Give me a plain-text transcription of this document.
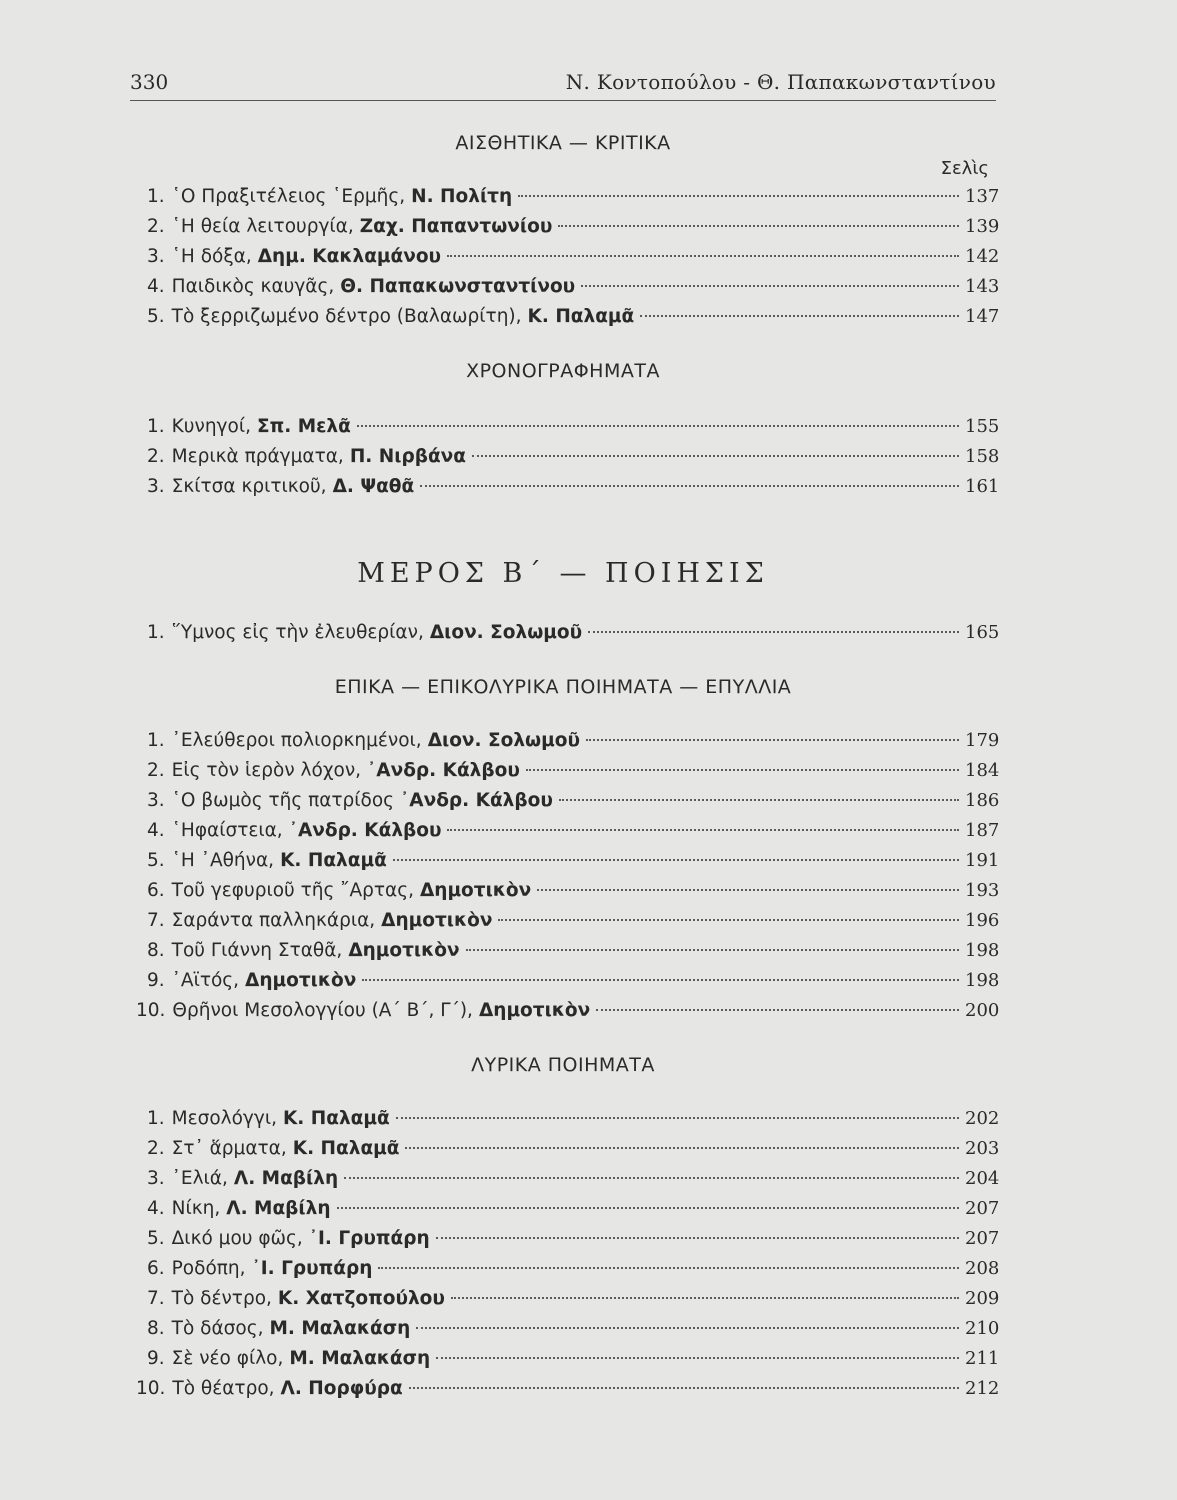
330	Ν. Κοντοπούλου - Θ. Παπακωνσταντίνου
ΑΙΣΘΗΤΙΚΑ — ΚΡΙΤΙΚΑ
Σελὶς
1. ῾Ο Πραξιτέλειος ῾Ερμῆς, Ν. Πολίτη	137
2. ῾Η θεία λειτουργία, Ζαχ. Παπαντωνίου	139
3. ῾Η δόξα, Δημ. Κακλαμάνου	142
4. Παιδικὸς καυγᾶς, Θ. Παπακωνσταντίνου	143
5. Τὸ ξερριζωμένο δέντρο (Βαλαωρίτη), Κ. Παλαμᾶ	147
ΧΡΟΝΟΓΡΑΦΗΜΑΤΑ
1. Κυνηγοί, Σπ. Μελᾶ	155
2. Μερικὰ πράγματα, Π. Νιρβάνα	158
3. Σκίτσα κριτικοῦ, Δ. Ψαθᾶ	161
ΜΕΡΟΣ Β΄ — ΠΟΙΗΣΙΣ
1. ῞Υμνος εἰς τὴν ἐλευθερίαν, Διον. Σολωμοῦ	165
ΕΠΙΚΑ — ΕΠΙΚΟΛΥΡΙΚΑ ΠΟΙΗΜΑΤΑ — ΕΠΥΛΛΙΑ
1. ᾿Ελεύθεροι πολιορκημένοι, Διον. Σολωμοῦ	179
2. Εἰς τὸν ἱερὸν λόχον, ᾿Ανδρ. Κάλβου	184
3. ῾Ο βωμὸς τῆς πατρίδος ᾿Ανδρ. Κάλβου	186
4. ῾Ηφαίστεια, ᾿Ανδρ. Κάλβου	187
5. ῾Η ᾿Αθήνα, Κ. Παλαμᾶ	191
6. Τοῦ γεφυριοῦ τῆς ῎Αρτας, Δημοτικὸν	193
7. Σαράντα παλληκάρια, Δημοτικὸν	196
8. Τοῦ Γιάννη Σταθᾶ, Δημοτικὸν	198
9. ᾿Αϊτός, Δημοτικὸν	198
10. Θρῆνοι Μεσολογγίου (Α΄ Β΄, Γ΄), Δημοτικὸν	200
ΛΥΡΙΚΑ ΠΟΙΗΜΑΤΑ
1. Μεσολόγγι, Κ. Παλαμᾶ	202
2. Στ᾿ ἅρματα, Κ. Παλαμᾶ	203
3. ᾿Ελιά, Λ. Μαβίλη	204
4. Νίκη, Λ. Μαβίλη	207
5. Δικό μου φῶς, ᾿Ι. Γρυπάρη	207
6. Ροδόπη, ᾿Ι. Γρυπάρη	208
7. Τὸ δέντρο, Κ. Χατζοπούλου	209
8. Τὸ δάσος, Μ. Μαλακάση	210
9. Σὲ νέο φίλο, Μ. Μαλακάση	211
10. Τὸ θέατρο, Λ. Πορφύρα	212
